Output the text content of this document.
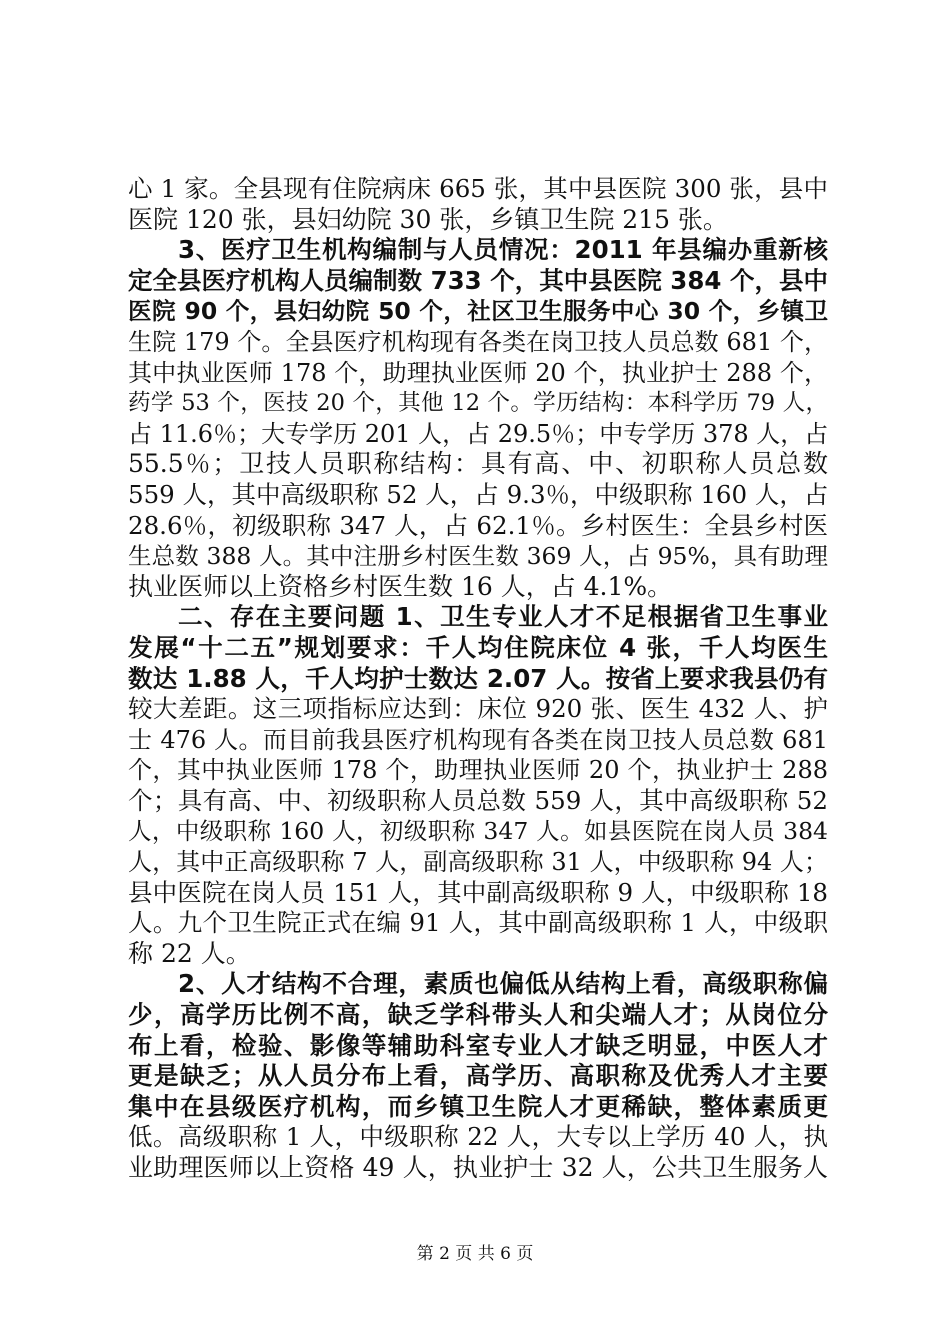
心 1 家。全县现有住院病床 665 张，其中县医院 300 张，县中
医院 120 张，县妇幼院 30 张，乡镇卫生院 215 张。
3、医疗卫生机构编制与人员情况：2011 年县编办重新核
定全县医疗机构人员编制数 733 个，其中县医院 384 个，县中
医院 90 个，县妇幼院 50 个，社区卫生服务中心 30 个，乡镇卫
生院 179 个。全县医疗机构现有各类在岗卫技人员总数 681 个，
其中执业医师 178 个，助理执业医师 20 个，执业护士 288 个，
药学 53 个，医技 20 个，其他 12 个。学历结构：本科学历 79 人，
占 11.6％；大专学历 201 人，占 29.5％；中专学历 378 人，占
55.5％；卫技人员职称结构：具有高、中、初职称人员总数
559 人，其中高级职称 52 人，占 9.3％，中级职称 160 人，占
28.6％，初级职称 347 人，占 62.1％。乡村医生：全县乡村医
生总数 388 人。其中注册乡村医生数 369 人，占 95%，具有助理
执业医师以上资格乡村医生数 16 人，占 4.1%。
二、存在主要问题 1、卫生专业人才不足根据省卫生事业
发展“十二五”规划要求：千人均住院床位 4 张，千人均医生
数达 1.88 人，千人均护士数达 2.07 人。按省上要求我县仍有
较大差距。这三项指标应达到：床位 920 张、医生 432 人、护
士 476 人。而目前我县医疗机构现有各类在岗卫技人员总数 681
个，其中执业医师 178 个，助理执业医师 20 个，执业护士 288
个；具有高、中、初级职称人员总数 559 人，其中高级职称 52
人，中级职称 160 人，初级职称 347 人。如县医院在岗人员 384
人，其中正高级职称 7 人，副高级职称 31 人，中级职称 94 人；
县中医院在岗人员 151 人，其中副高级职称 9 人，中级职称 18
人。九个卫生院正式在编 91 人，其中副高级职称 1 人，中级职
称 22 人。
2、人才结构不合理，素质也偏低从结构上看，高级职称偏
少，高学历比例不高，缺乏学科带头人和尖端人才；从岗位分
布上看，检验、影像等辅助科室专业人才缺乏明显，中医人才
更是缺乏；从人员分布上看，高学历、高职称及优秀人才主要
集中在县级医疗机构，而乡镇卫生院人才更稀缺，整体素质更
低。高级职称 1 人，中级职称 22 人，大专以上学历 40 人，执
业助理医师以上资格 49 人，执业护士 32 人，公共卫生服务人
第 2 页 共 6 页
